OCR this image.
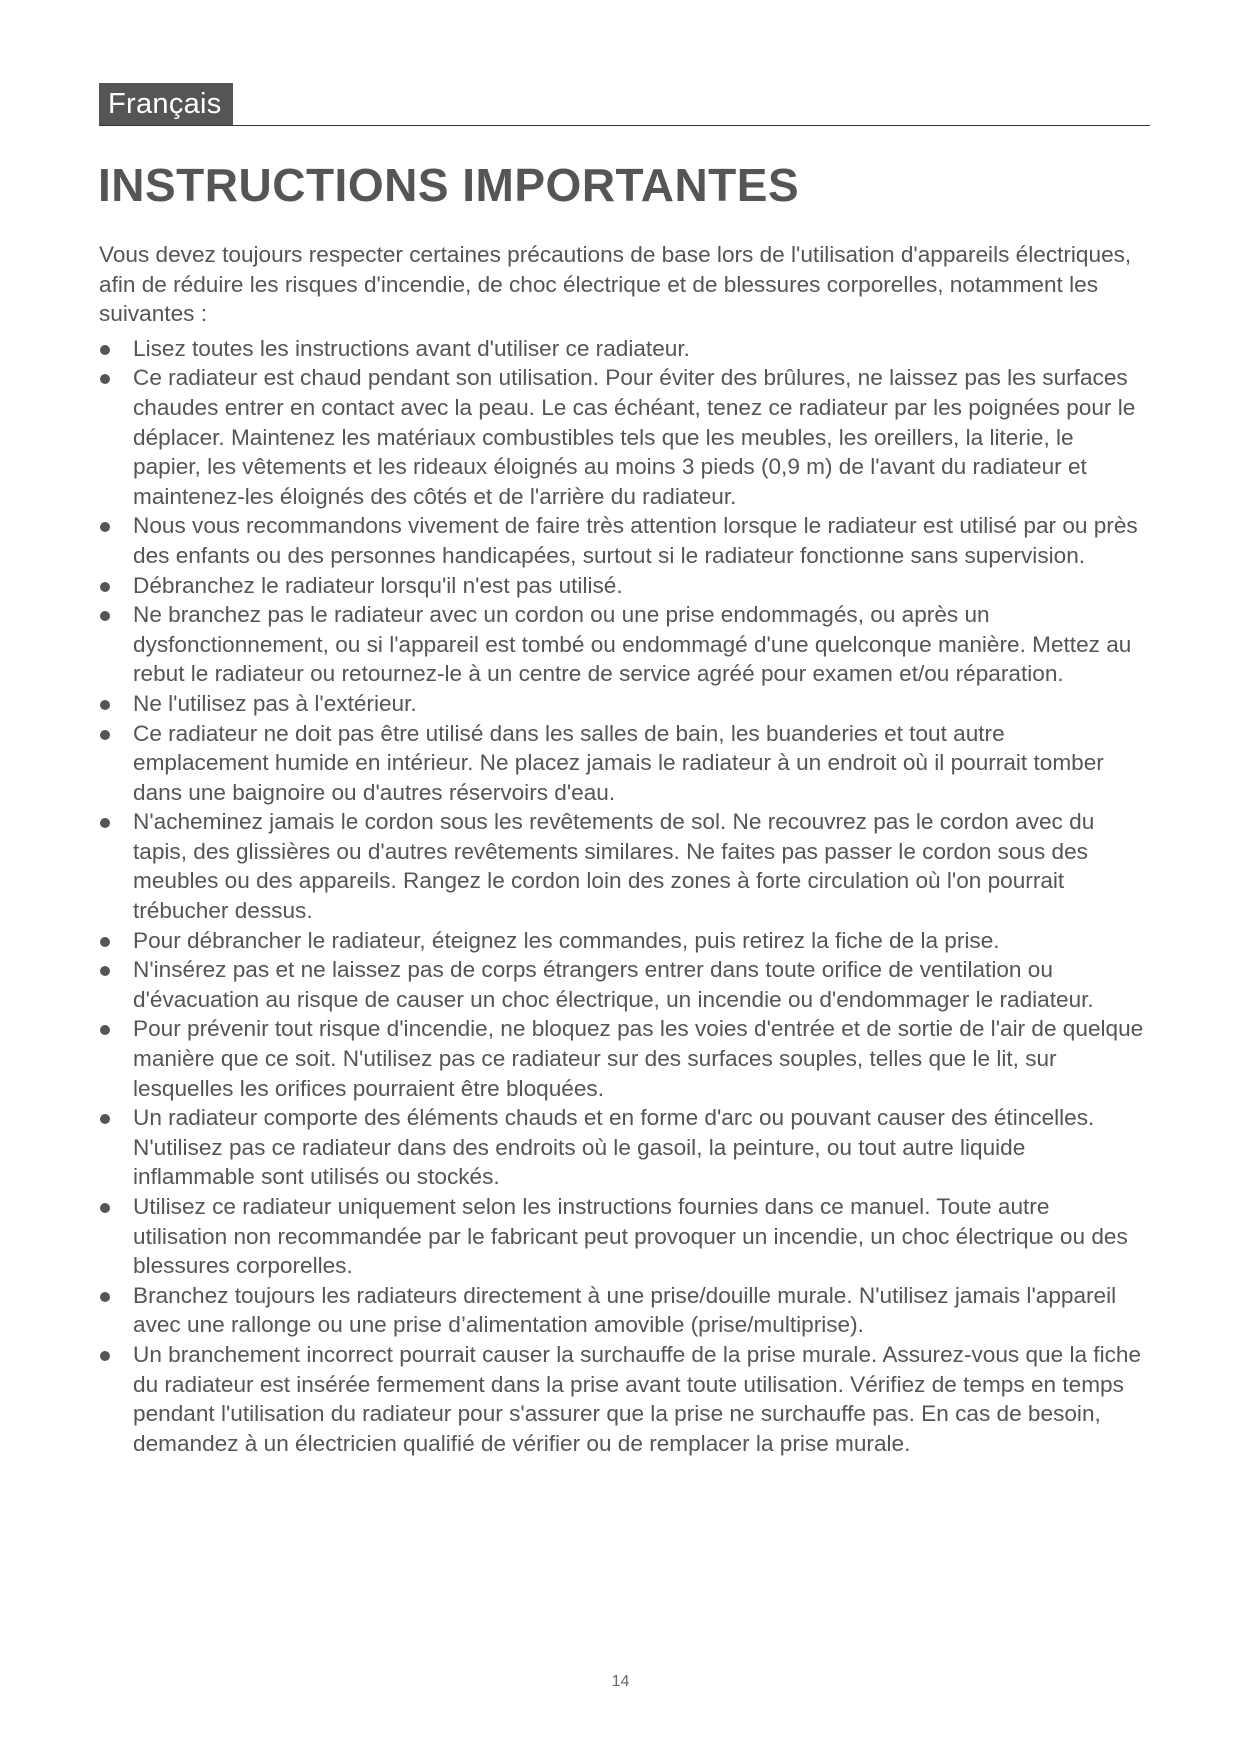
Français
INSTRUCTIONS IMPORTANTES

Vous devez toujours respecter certaines précautions de base lors de l'utilisation d'appareils électriques, afin de réduire les risques d'incendie, de choc électrique et de blessures corporelles, notamment les suivantes :

Lisez toutes les instructions avant d'utiliser ce radiateur.
Ce radiateur est chaud pendant son utilisation. Pour éviter des brûlures, ne laissez pas les surfaces chaudes entrer en contact avec la peau. Le cas échéant, tenez ce radiateur par les poignées pour le déplacer. Maintenez les matériaux combustibles tels que les meubles, les oreillers, la literie, le papier, les vêtements et les rideaux éloignés au moins 3 pieds (0,9 m) de l'avant du radiateur et maintenez-les éloignés des côtés et de l'arrière du radiateur.
Nous vous recommandons vivement de faire très attention lorsque le radiateur est utilisé par ou près des enfants ou des personnes handicapées, surtout si le radiateur fonctionne sans supervision.
Débranchez le radiateur lorsqu'il n'est pas utilisé.
Ne branchez pas le radiateur avec un cordon ou une prise endommagés, ou après un dysfonctionnement, ou si l'appareil est tombé ou endommagé d'une quelconque manière. Mettez au rebut le radiateur ou retournez-le à un centre de service agréé pour examen et/ou réparation.
Ne l'utilisez pas à l'extérieur.
Ce radiateur ne doit pas être utilisé dans les salles de bain, les buanderies et tout autre emplacement humide en intérieur. Ne placez jamais le radiateur à un endroit où il pourrait tomber dans une baignoire ou d'autres réservoirs d'eau.
N'acheminez jamais le cordon sous les revêtements de sol. Ne recouvrez pas le cordon avec du tapis, des glissières ou d'autres revêtements similares. Ne faites pas passer le cordon sous des meubles ou des appareils. Rangez le cordon loin des zones à forte circulation où l'on pourrait trébucher dessus.
Pour débrancher le radiateur, éteignez les commandes, puis retirez la fiche de la prise.
N'insérez pas et ne laissez pas de corps étrangers entrer dans toute orifice de ventilation ou d'évacuation au risque de causer un choc électrique, un incendie ou d'endommager le radiateur.
Pour prévenir tout risque d'incendie, ne bloquez pas les voies d'entrée et de sortie de l'air de quelque manière que ce soit. N'utilisez pas ce radiateur sur des surfaces souples, telles que le lit, sur lesquelles les orifices pourraient être bloquées.
Un radiateur comporte des éléments chauds et en forme d'arc ou pouvant causer des étincelles. N'utilisez pas ce radiateur dans des endroits où le gasoil, la peinture, ou tout autre liquide inflammable sont utilisés ou stockés.
Utilisez ce radiateur uniquement selon les instructions fournies dans ce manuel. Toute autre utilisation non recommandée par le fabricant peut provoquer un incendie, un choc électrique ou des blessures corporelles.
Branchez toujours les radiateurs directement à une prise/douille murale. N'utilisez jamais l'appareil avec une rallonge ou une prise d’alimentation amovible (prise/multiprise).
Un branchement incorrect pourrait causer la surchauffe de la prise murale. Assurez-vous que la fiche du radiateur est insérée fermement dans la prise avant toute utilisation. Vérifiez de temps en temps pendant l'utilisation du radiateur pour s'assurer que la prise ne surchauffe pas. En cas de besoin, demandez à un électricien qualifié de vérifier ou de remplacer la prise murale.
14
